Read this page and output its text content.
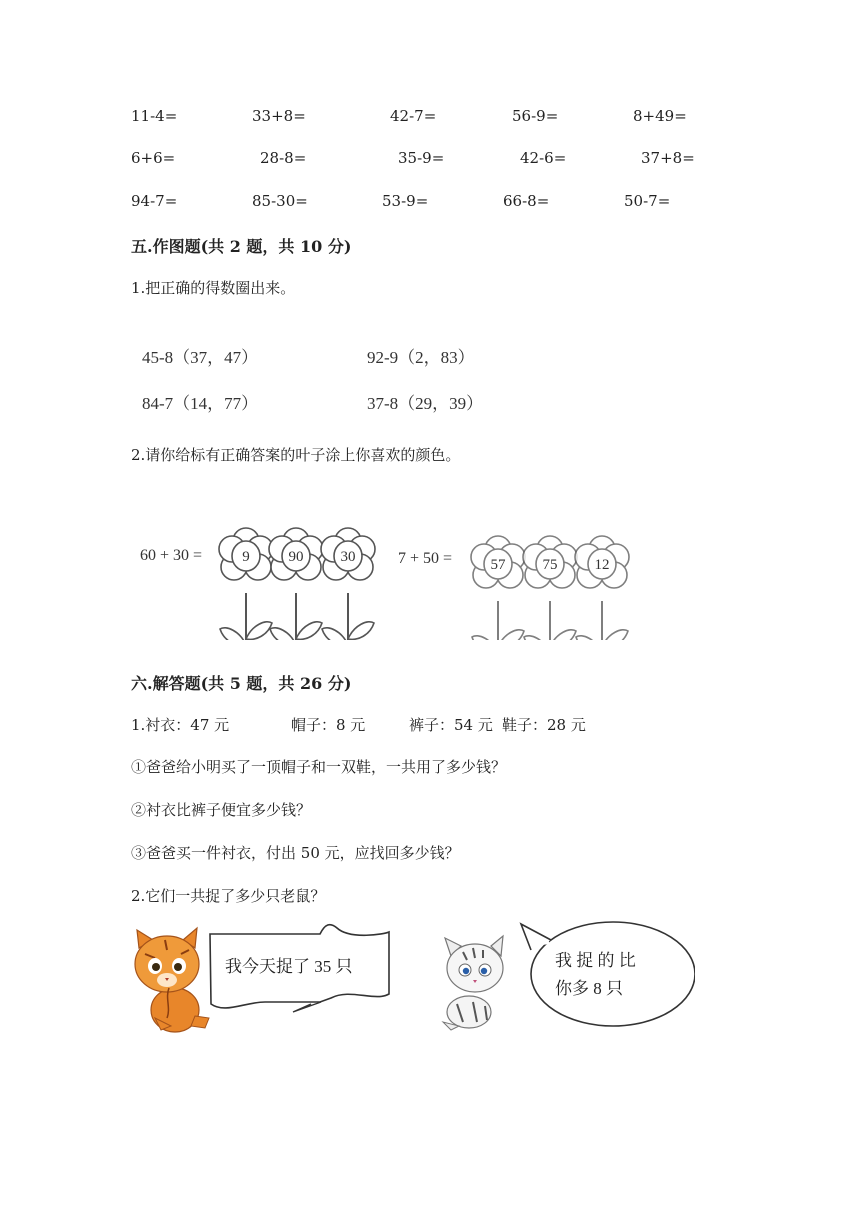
11-4=	33+8=	42-7=	56-9=	8+49=
6+6=	28-8=	35-9=	42-6=	37+8=
94-7=	85-30=	53-9=	66-8=	50-7=
五.作图题(共 2 题，共 10 分)
1.把正确的得数圈出来。
45-8（37，47）	92-9（2，83）
84-7（14，77）	37-8（29，39）
2.请你给标有正确答案的叶子涂上你喜欢的颜色。
60 + 30 =	9	90 30	7 + 50 =	57 75 12
六.解答题(共 5 题，共 26 分)
1.衬衣：47 元	帽子：8 元	裤子：54 元 鞋子：28 元
①爸爸给小明买了一顶帽子和一双鞋，一共用了多少钱？
②衬衣比裤子便宜多少钱？
③爸爸买一件衬衣，付出 50 元，应找回多少钱？
2.它们一共捉了多少只老鼠？
我今天捉了 35 只	我 捉 的 比
你多 8 只
